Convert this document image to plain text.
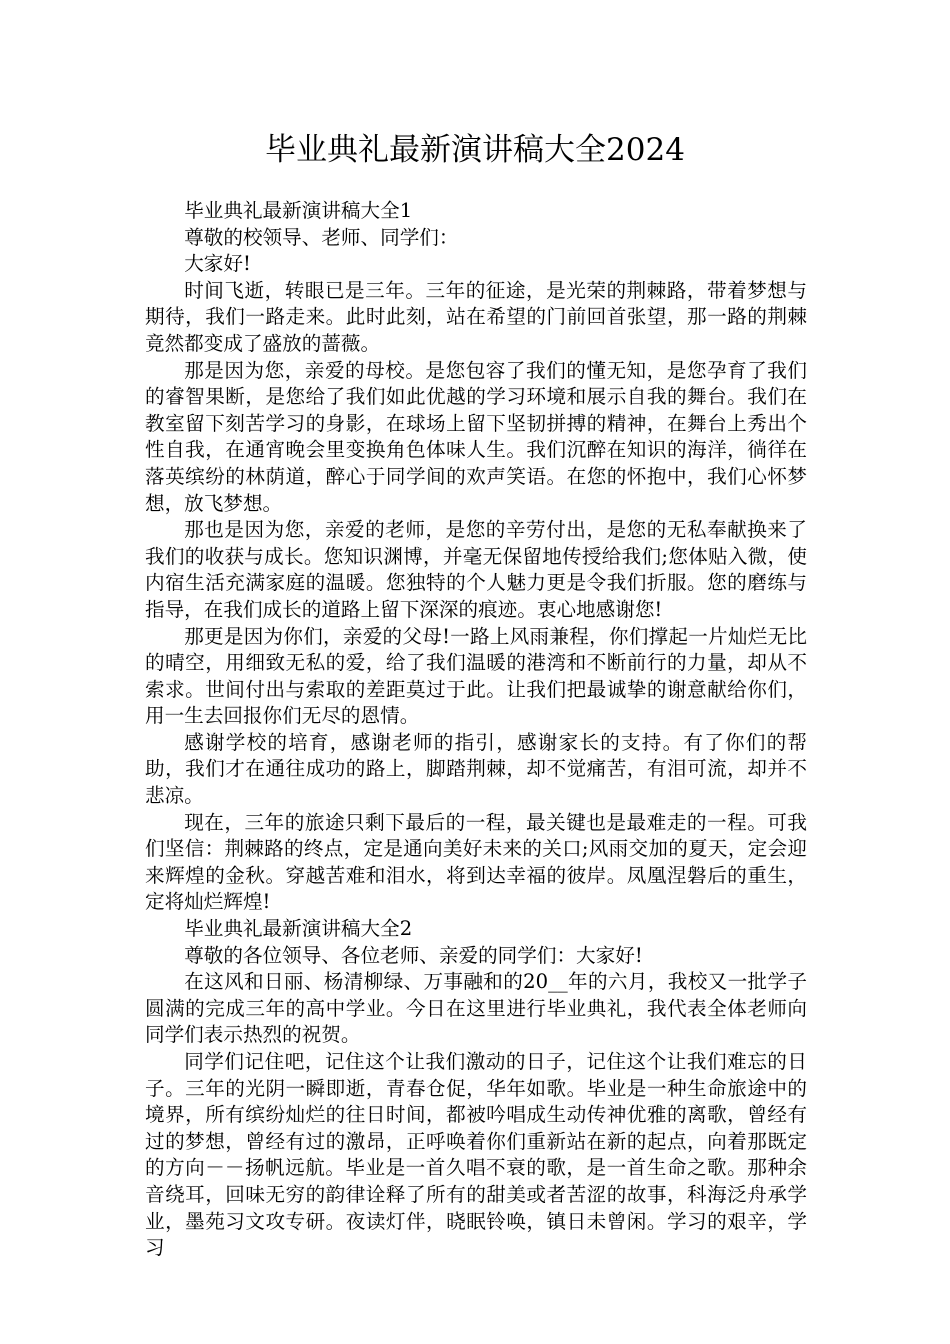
毕业典礼最新演讲稿大全2024

毕业典礼最新演讲稿大全1

尊敬的校领导、老师、同学们：

大家好!

时间飞逝，转眼已是三年。三年的征途，是光荣的荆棘路，带着梦想与期待，我们一路走来。此时此刻，站在希望的门前回首张望，那一路的荆棘竟然都变成了盛放的蔷薇。

那是因为您，亲爱的母校。是您包容了我们的懂无知，是您孕育了我们的睿智果断，是您给了我们如此优越的学习环境和展示自我的舞台。我们在教室留下刻苦学习的身影，在球场上留下坚韧拼搏的精神，在舞台上秀出个性自我，在通宵晚会里变换角色体味人生。我们沉醉在知识的海洋，徜徉在落英缤纷的林荫道，醉心于同学间的欢声笑语。在您的怀抱中，我们心怀梦想，放飞梦想。

那也是因为您，亲爱的老师，是您的辛劳付出，是您的无私奉献换来了我们的收获与成长。您知识渊博，并毫无保留地传授给我们;您体贴入微，使内宿生活充满家庭的温暖。您独特的个人魅力更是令我们折服。您的磨练与指导，在我们成长的道路上留下深深的痕迹。衷心地感谢您!

那更是因为你们，亲爱的父母!一路上风雨兼程，你们撑起一片灿烂无比的晴空，用细致无私的爱，给了我们温暖的港湾和不断前行的力量，却从不索求。世间付出与索取的差距莫过于此。让我们把最诚挚的谢意献给你们，用一生去回报你们无尽的恩情。

感谢学校的培育，感谢老师的指引，感谢家长的支持。有了你们的帮助，我们才在通往成功的路上，脚踏荆棘，却不觉痛苦，有泪可流，却并不悲凉。

现在，三年的旅途只剩下最后的一程，最关键也是最难走的一程。可我们坚信：荆棘路的终点，定是通向美好未来的关口;风雨交加的夏天，定会迎来辉煌的金秋。穿越苦难和泪水，将到达幸福的彼岸。凤凰涅磐后的重生，定将灿烂辉煌!

毕业典礼最新演讲稿大全2

尊敬的各位领导、各位老师、亲爱的同学们：大家好!

在这风和日丽、杨清柳绿、万事融和的20__年的六月，我校又一批学子圆满的完成三年的高中学业。今日在这里进行毕业典礼，我代表全体老师向同学们表示热烈的祝贺。

同学们记住吧，记住这个让我们激动的日子，记住这个让我们难忘的日子。三年的光阴一瞬即逝，青春仓促，华年如歌。毕业是一种生命旅途中的境界，所有缤纷灿烂的往日时间，都被吟唱成生动传神优雅的离歌，曾经有过的梦想，曾经有过的激昂，正呼唤着你们重新站在新的起点，向着那既定的方向－－扬帆远航。毕业是一首久唱不衰的歌，是一首生命之歌。那种余音绕耳，回味无穷的韵律诠释了所有的甜美或者苦涩的故事，科海泛舟承学业，墨苑习文攻专研。夜读灯伴，晓眠铃唤，镇日未曾闲。学习的艰辛，学习
